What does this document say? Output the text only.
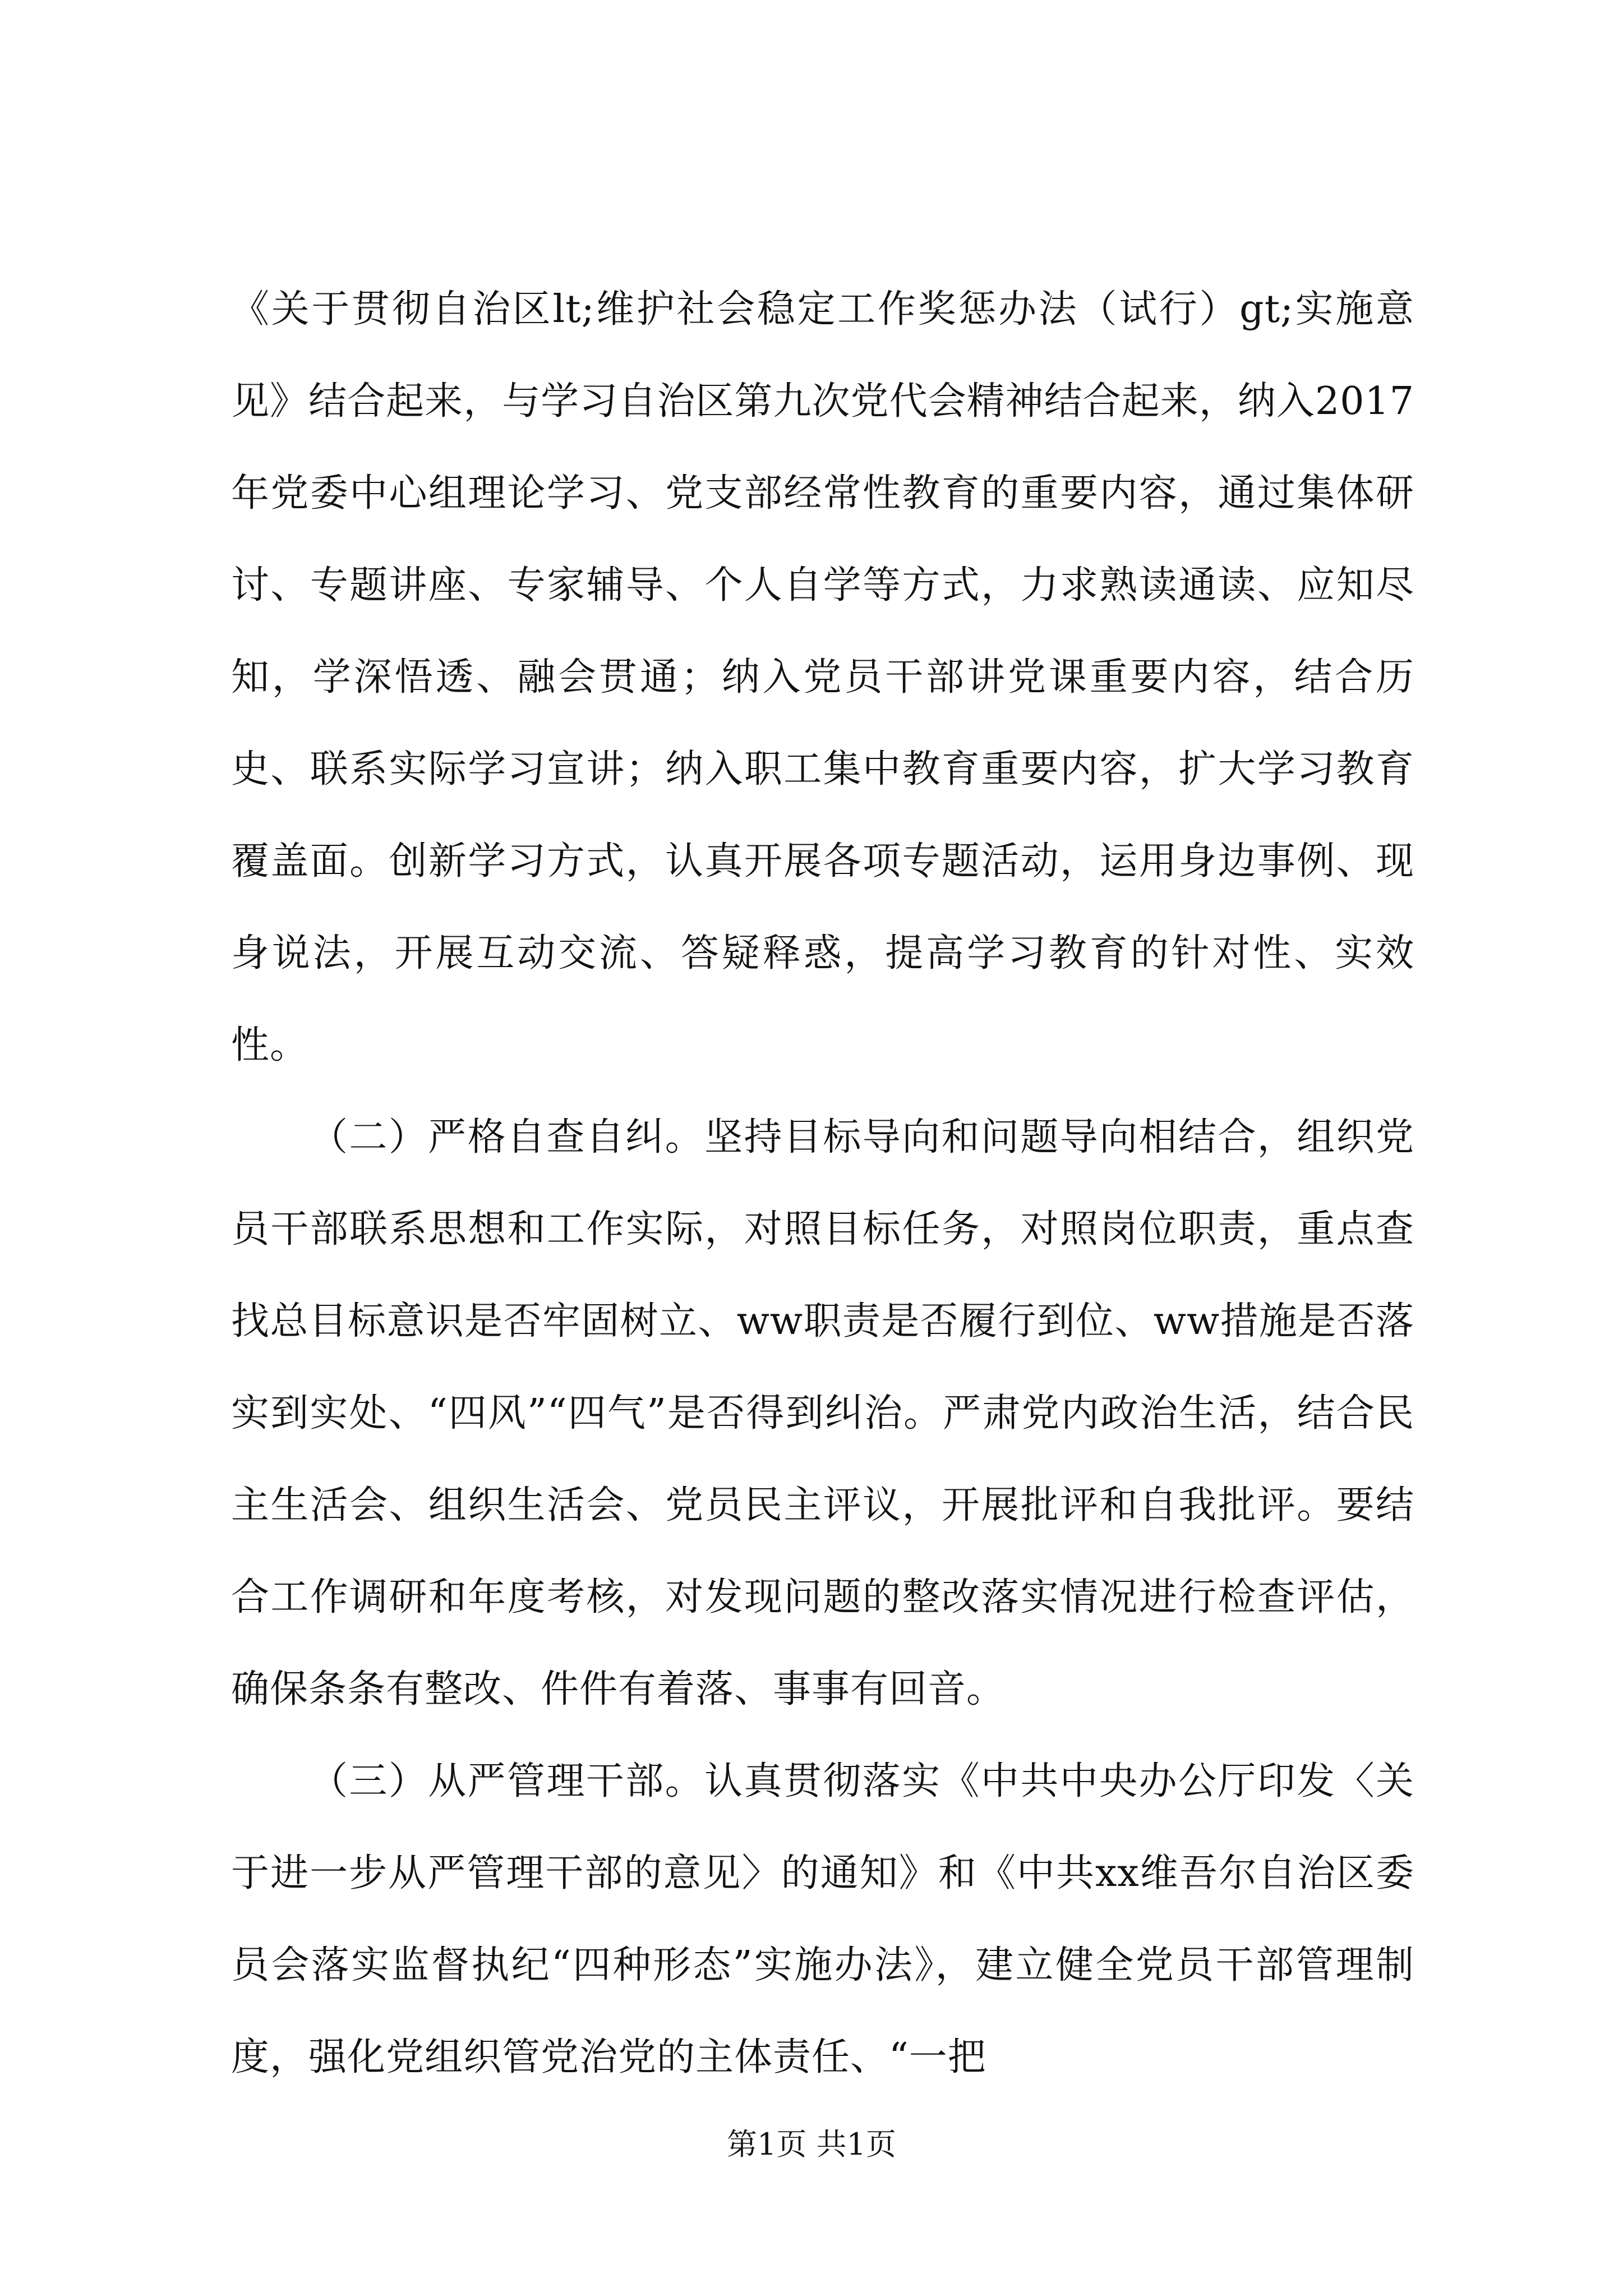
《关于贯彻自治区lt;维护社会稳定工作奖惩办法（试行）gt;实施意见》结合起来，与学习自治区第九次党代会精神结合起来，纳入2017年党委中心组理论学习、党支部经常性教育的重要内容，通过集体研讨、专题讲座、专家辅导、个人自学等方式，力求熟读通读、应知尽知，学深悟透、融会贯通；纳入党员干部讲党课重要内容，结合历史、联系实际学习宣讲；纳入职工集中教育重要内容，扩大学习教育覆盖面。创新学习方式，认真开展各项专题活动，运用身边事例、现身说法，开展互动交流、答疑释惑，提高学习教育的针对性、实效性。

（二）严格自查自纠。坚持目标导向和问题导向相结合，组织党员干部联系思想和工作实际，对照目标任务，对照岗位职责，重点查找总目标意识是否牢固树立、ww职责是否履行到位、ww措施是否落实到实处、“四风”“四气”是否得到纠治。严肃党内政治生活，结合民主生活会、组织生活会、党员民主评议，开展批评和自我批评。要结合工作调研和年度考核，对发现问题的整改落实情况进行检查评估，确保条条有整改、件件有着落、事事有回音。

（三）从严管理干部。认真贯彻落实《中共中央办公厅印发〈关于进一步从严管理干部的意见〉的通知》和《中共xx维吾尔自治区委员会落实监督执纪“四种形态”实施办法》，建立健全党员干部管理制度，强化党组织管党治党的主体责任、“一把

第1页 共1页
